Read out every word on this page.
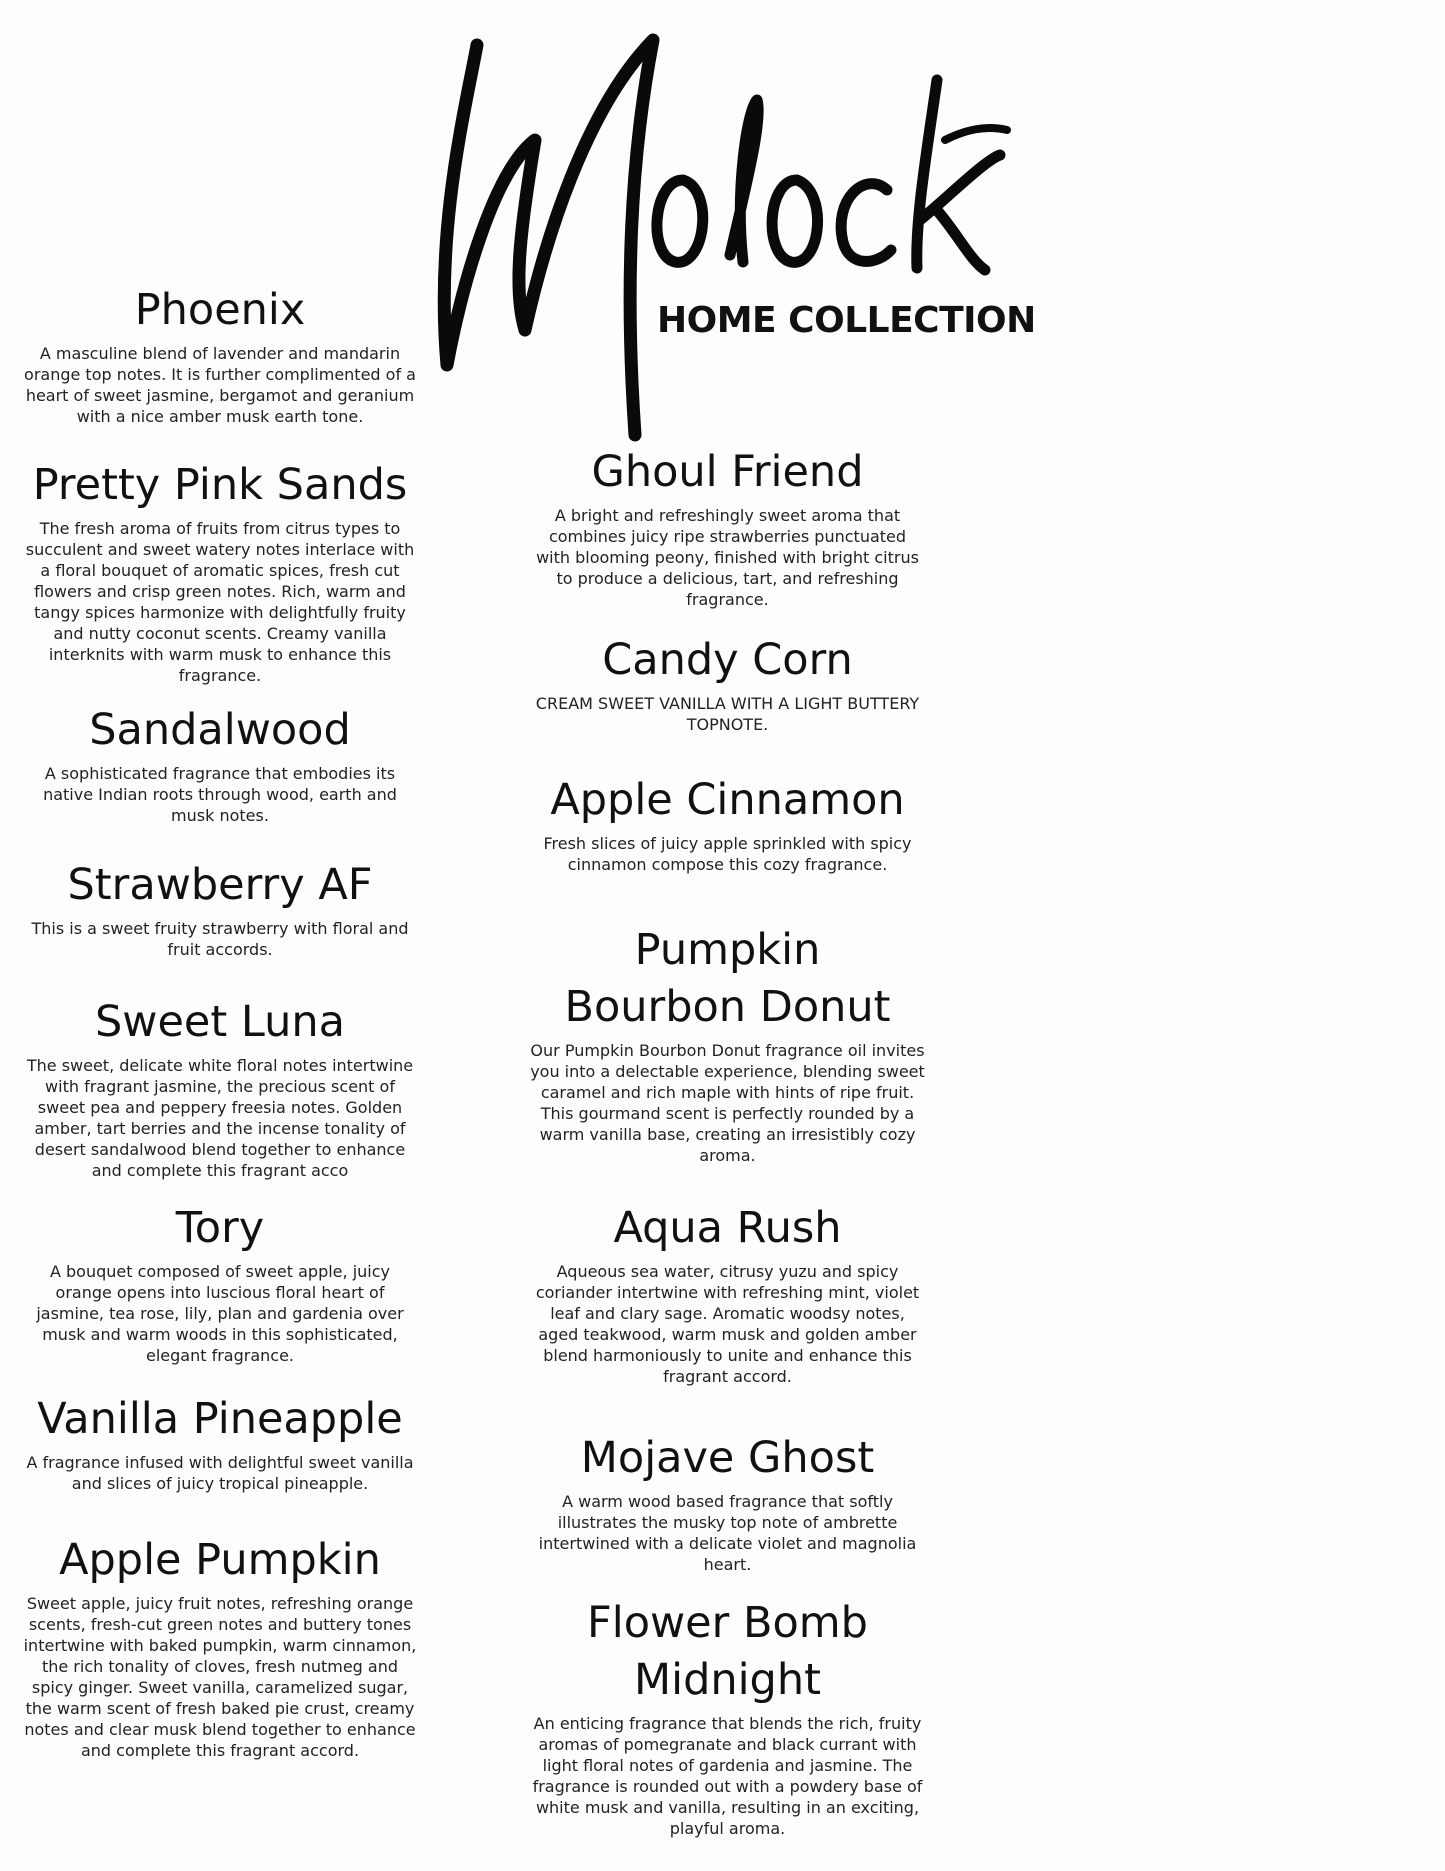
HOME COLLECTION
Phoenix

A masculine blend of lavender and mandarin orange top notes. It is further complimented of a heart of sweet jasmine, bergamot and geranium with a nice amber musk earth tone.

Pretty Pink Sands

The fresh aroma of fruits from citrus types to succulent and sweet watery notes interlace with a floral bouquet of aromatic spices, fresh cut flowers and crisp green notes. Rich, warm and tangy spices harmonize with delightfully fruity and nutty coconut scents. Creamy vanilla interknits with warm musk to enhance this fragrance.

Sandalwood

A sophisticated fragrance that embodies its native Indian roots through wood, earth and musk notes.

Strawberry AF

This is a sweet fruity strawberry with floral and fruit accords.

Sweet Luna

The sweet, delicate white floral notes intertwine with fragrant jasmine, the precious scent of sweet pea and peppery freesia notes. Golden amber, tart berries and the incense tonality of desert sandalwood blend together to enhance and complete this fragrant acco

Tory

A bouquet composed of sweet apple, juicy orange opens into luscious floral heart of jasmine, tea rose, lily, plan and gardenia over musk and warm woods in this sophisticated, elegant fragrance.

Vanilla Pineapple

A fragrance infused with delightful sweet vanilla and slices of juicy tropical pineapple.

Apple Pumpkin

Sweet apple, juicy fruit notes, refreshing orange scents, fresh-cut green notes and buttery tones intertwine with baked pumpkin, warm cinnamon, the rich tonality of cloves, fresh nutmeg and spicy ginger. Sweet vanilla, caramelized sugar, the warm scent of fresh baked pie crust, creamy notes and clear musk blend together to enhance and complete this fragrant accord.

Ghoul Friend

A bright and refreshingly sweet aroma that combines juicy ripe strawberries punctuated with blooming peony, finished with bright citrus to produce a delicious, tart, and refreshing fragrance.

Candy Corn

CREAM SWEET VANILLA WITH A LIGHT BUTTERY TOPNOTE.

Apple Cinnamon

Fresh slices of juicy apple sprinkled with spicy cinnamon compose this cozy fragrance.

Pumpkin Bourbon Donut

Our Pumpkin Bourbon Donut fragrance oil invites you into a delectable experience, blending sweet caramel and rich maple with hints of ripe fruit. This gourmand scent is perfectly rounded by a warm vanilla base, creating an irresistibly cozy aroma.

Aqua Rush

Aqueous sea water, citrusy yuzu and spicy coriander intertwine with refreshing mint, violet leaf and clary sage. Aromatic woodsy notes, aged teakwood, warm musk and golden amber blend harmoniously to unite and enhance this fragrant accord.

Mojave Ghost

A warm wood based fragrance that softly illustrates the musky top note of ambrette intertwined with a delicate violet and magnolia heart.

Flower Bomb Midnight

An enticing fragrance that blends the rich, fruity aromas of pomegranate and black currant with light floral notes of gardenia and jasmine. The fragrance is rounded out with a powdery base of white musk and vanilla, resulting in an exciting, playful aroma.
